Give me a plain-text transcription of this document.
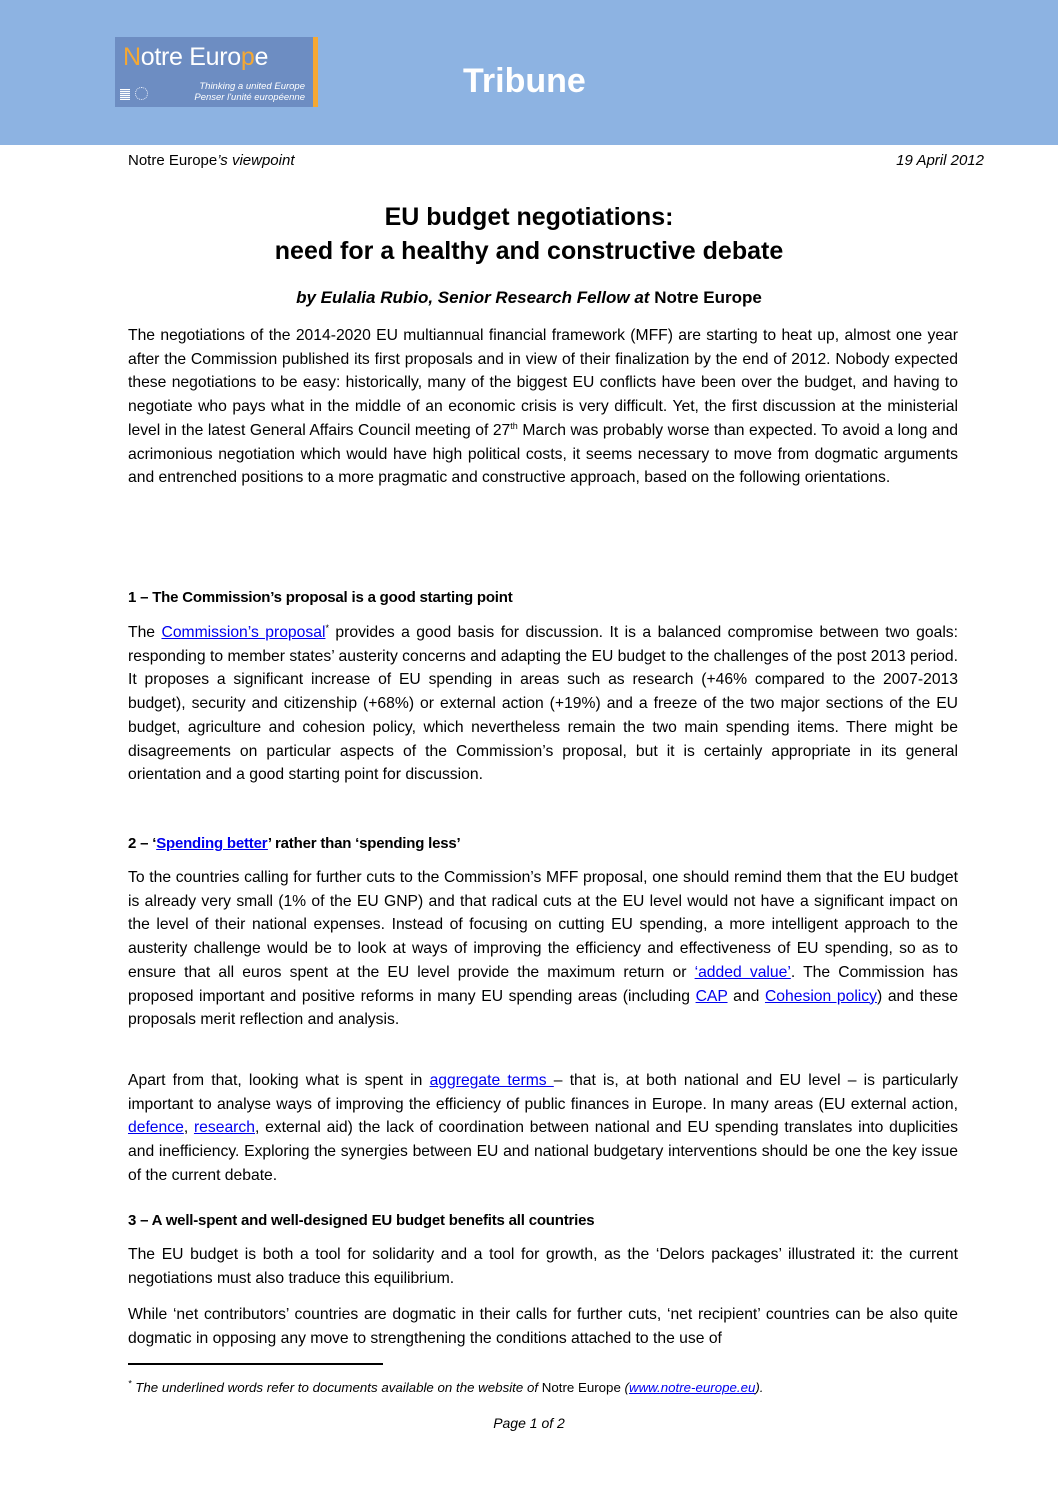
Notre Europe
Thinking a united Europe
Penser l'unité européenne	Tribune
Notre Europe’s viewpoint	19 April 2012
EU budget negotiations:
need for a healthy and constructive debate
by Eulalia Rubio, Senior Research Fellow at Notre Europe

The negotiations of the 2014-2020 EU multiannual financial framework (MFF) are starting to heat up, almost one year after the Commission published its first proposals and in view of their finalization by the end of 2012. Nobody expected these negotiations to be easy: historically, many of the biggest EU conflicts have been over the budget, and having to negotiate who pays what in the middle of an economic crisis is very difficult. Yet, the first discussion at the ministerial level in the latest General Affairs Council meeting of 27th March was probably worse than expected. To avoid a long and acrimonious negotiation which would have high political costs, it seems necessary to move from dogmatic arguments and entrenched positions to a more pragmatic and constructive approach, based on the following orientations.

1 – The Commission’s proposal is a good starting point

The Commission’s proposal* provides a good basis for discussion. It is a balanced compromise between two goals: responding to member states’ austerity concerns and adapting the EU budget to the challenges of the post 2013 period. It proposes a significant increase of EU spending in areas such as research (+46% compared to the 2007-2013 budget), security and citizenship (+68%) or external action (+19%) and a freeze of the two major sections of the EU budget, agriculture and cohesion policy, which nevertheless remain the two main spending items. There might be disagreements on particular aspects of the Commission’s proposal, but it is certainly appropriate in its general orientation and a good starting point for discussion.

2 – ‘Spending better’ rather than ‘spending less’

To the countries calling for further cuts to the Commission’s MFF proposal, one should remind them that the EU budget is already very small (1% of the EU GNP) and that radical cuts at the EU level would not have a significant impact on the level of their national expenses. Instead of focusing on cutting EU spending, a more intelligent approach to the austerity challenge would be to look at ways of improving the efficiency and effectiveness of EU spending, so as to ensure that all euros spent at the EU level provide the maximum return or ‘added value’. The Commission has proposed important and positive reforms in many EU spending areas (including CAP and Cohesion policy) and these proposals merit reflection and analysis.

Apart from that, looking what is spent in aggregate terms – that is, at both national and EU level – is particularly important to analyse ways of improving the efficiency of public finances in Europe. In many areas (EU external action, defence, research, external aid) the lack of coordination between national and EU spending translates into duplicities and inefficiency. Exploring the synergies between EU and national budgetary interventions should be one the key issue of the current debate.

3 – A well-spent and well-designed EU budget benefits all countries

The EU budget is both a tool for solidarity and a tool for growth, as the ‘Delors packages’ illustrated it: the current negotiations must also traduce this equilibrium.

While ‘net contributors’ countries are dogmatic in their calls for further cuts, ‘net recipient’ countries can be also quite dogmatic in opposing any move to strengthening the conditions attached to the use of

* The underlined words refer to documents available on the website of Notre Europe (www.notre-europe.eu).
Page 1 of 2
